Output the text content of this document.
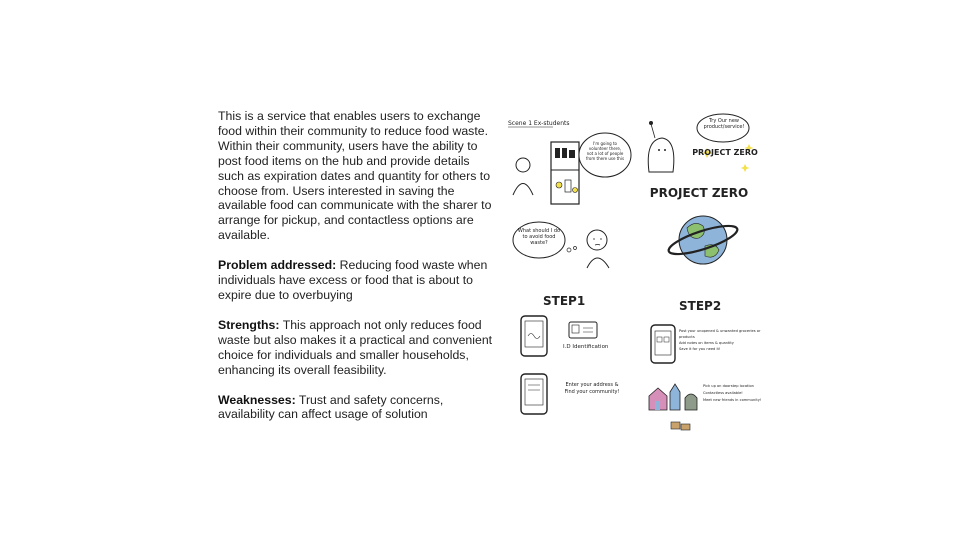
This is a service that enables users to exchange food within their community to reduce food waste. Within their community, users have the ability to post food items on the hub and provide details such as expiration dates and quantity for others to choose from. Users interested in saving the available food can communicate with the sharer to arrange for pickup, and contactless options are available.

Problem addressed: Reducing food waste when individuals have excess or food that is about to expire due to overbuying

Strengths: This approach not only reduces food waste but also makes it a practical and convenient choice for individuals and smaller households, enhancing its overall feasibility.

Weaknesses: Trust and safety concerns, availability can affect usage of solution

Scene 1 Ex-students
I'm going to volunteer there, not a lot of people from there use this
What should I do to avoid food waste?
Try Our new product/service!
PROJECT ZERO
PROJECT ZERO
STEP1	STEP2
I.D Identification
Enter your address & Find your community!
Post your unopened & unwanted groceries or products
Add notes on items & quantity
Save it for you need it!
Pick up on doorstep location
Contactless available!
Meet new friends in community!
